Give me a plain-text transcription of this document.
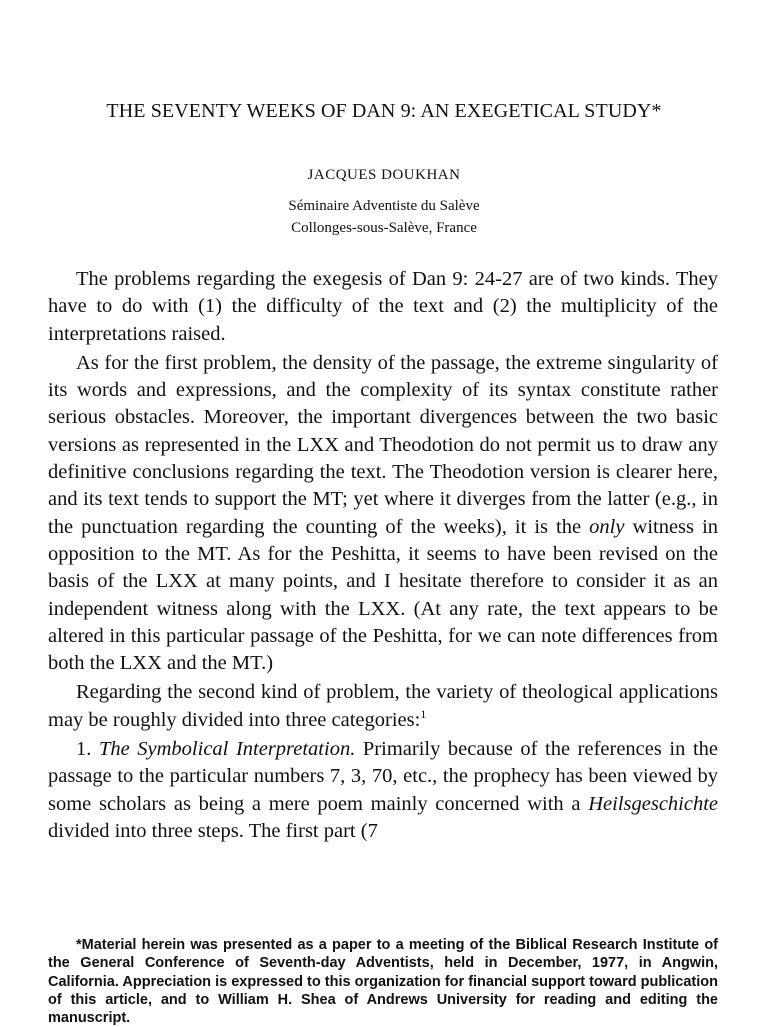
THE SEVENTY WEEKS OF DAN 9: AN EXEGETICAL STUDY*
JACQUES DOUKHAN
Séminaire Adventiste du Salève
Collonges-sous-Salève, France

The problems regarding the exegesis of Dan 9: 24-27 are of two kinds. They have to do with (1) the difficulty of the text and (2) the multiplicity of the interpretations raised.

As for the first problem, the density of the passage, the extreme singularity of its words and expressions, and the complexity of its syntax constitute rather serious obstacles. Moreover, the important divergences between the two basic versions as represented in the LXX and Theodotion do not permit us to draw any definitive conclusions regarding the text. The Theodotion version is clearer here, and its text tends to support the MT; yet where it diverges from the latter (e.g., in the punctuation regarding the counting of the weeks), it is the only witness in opposition to the MT. As for the Peshitta, it seems to have been revised on the basis of the LXX at many points, and I hesitate therefore to consider it as an independent witness along with the LXX. (At any rate, the text appears to be altered in this particular passage of the Peshitta, for we can note differences from both the LXX and the MT.)

Regarding the second kind of problem, the variety of theological applications may be roughly divided into three categories:$^1$

1. The Symbolical Interpretation. Primarily because of the references in the passage to the particular numbers 7, 3, 70, etc., the prophecy has been viewed by some scholars as being a mere poem mainly concerned with a Heilsgeschichte divided into three steps. The first part (7

*Material herein was presented as a paper to a meeting of the Biblical Research Institute of the General Conference of Seventh-day Adventists, held in December, 1977, in Angwin, California. Appreciation is expressed to this organization for financial support toward publication of this article, and to William H. Shea of Andrews University for reading and editing the manuscript.
